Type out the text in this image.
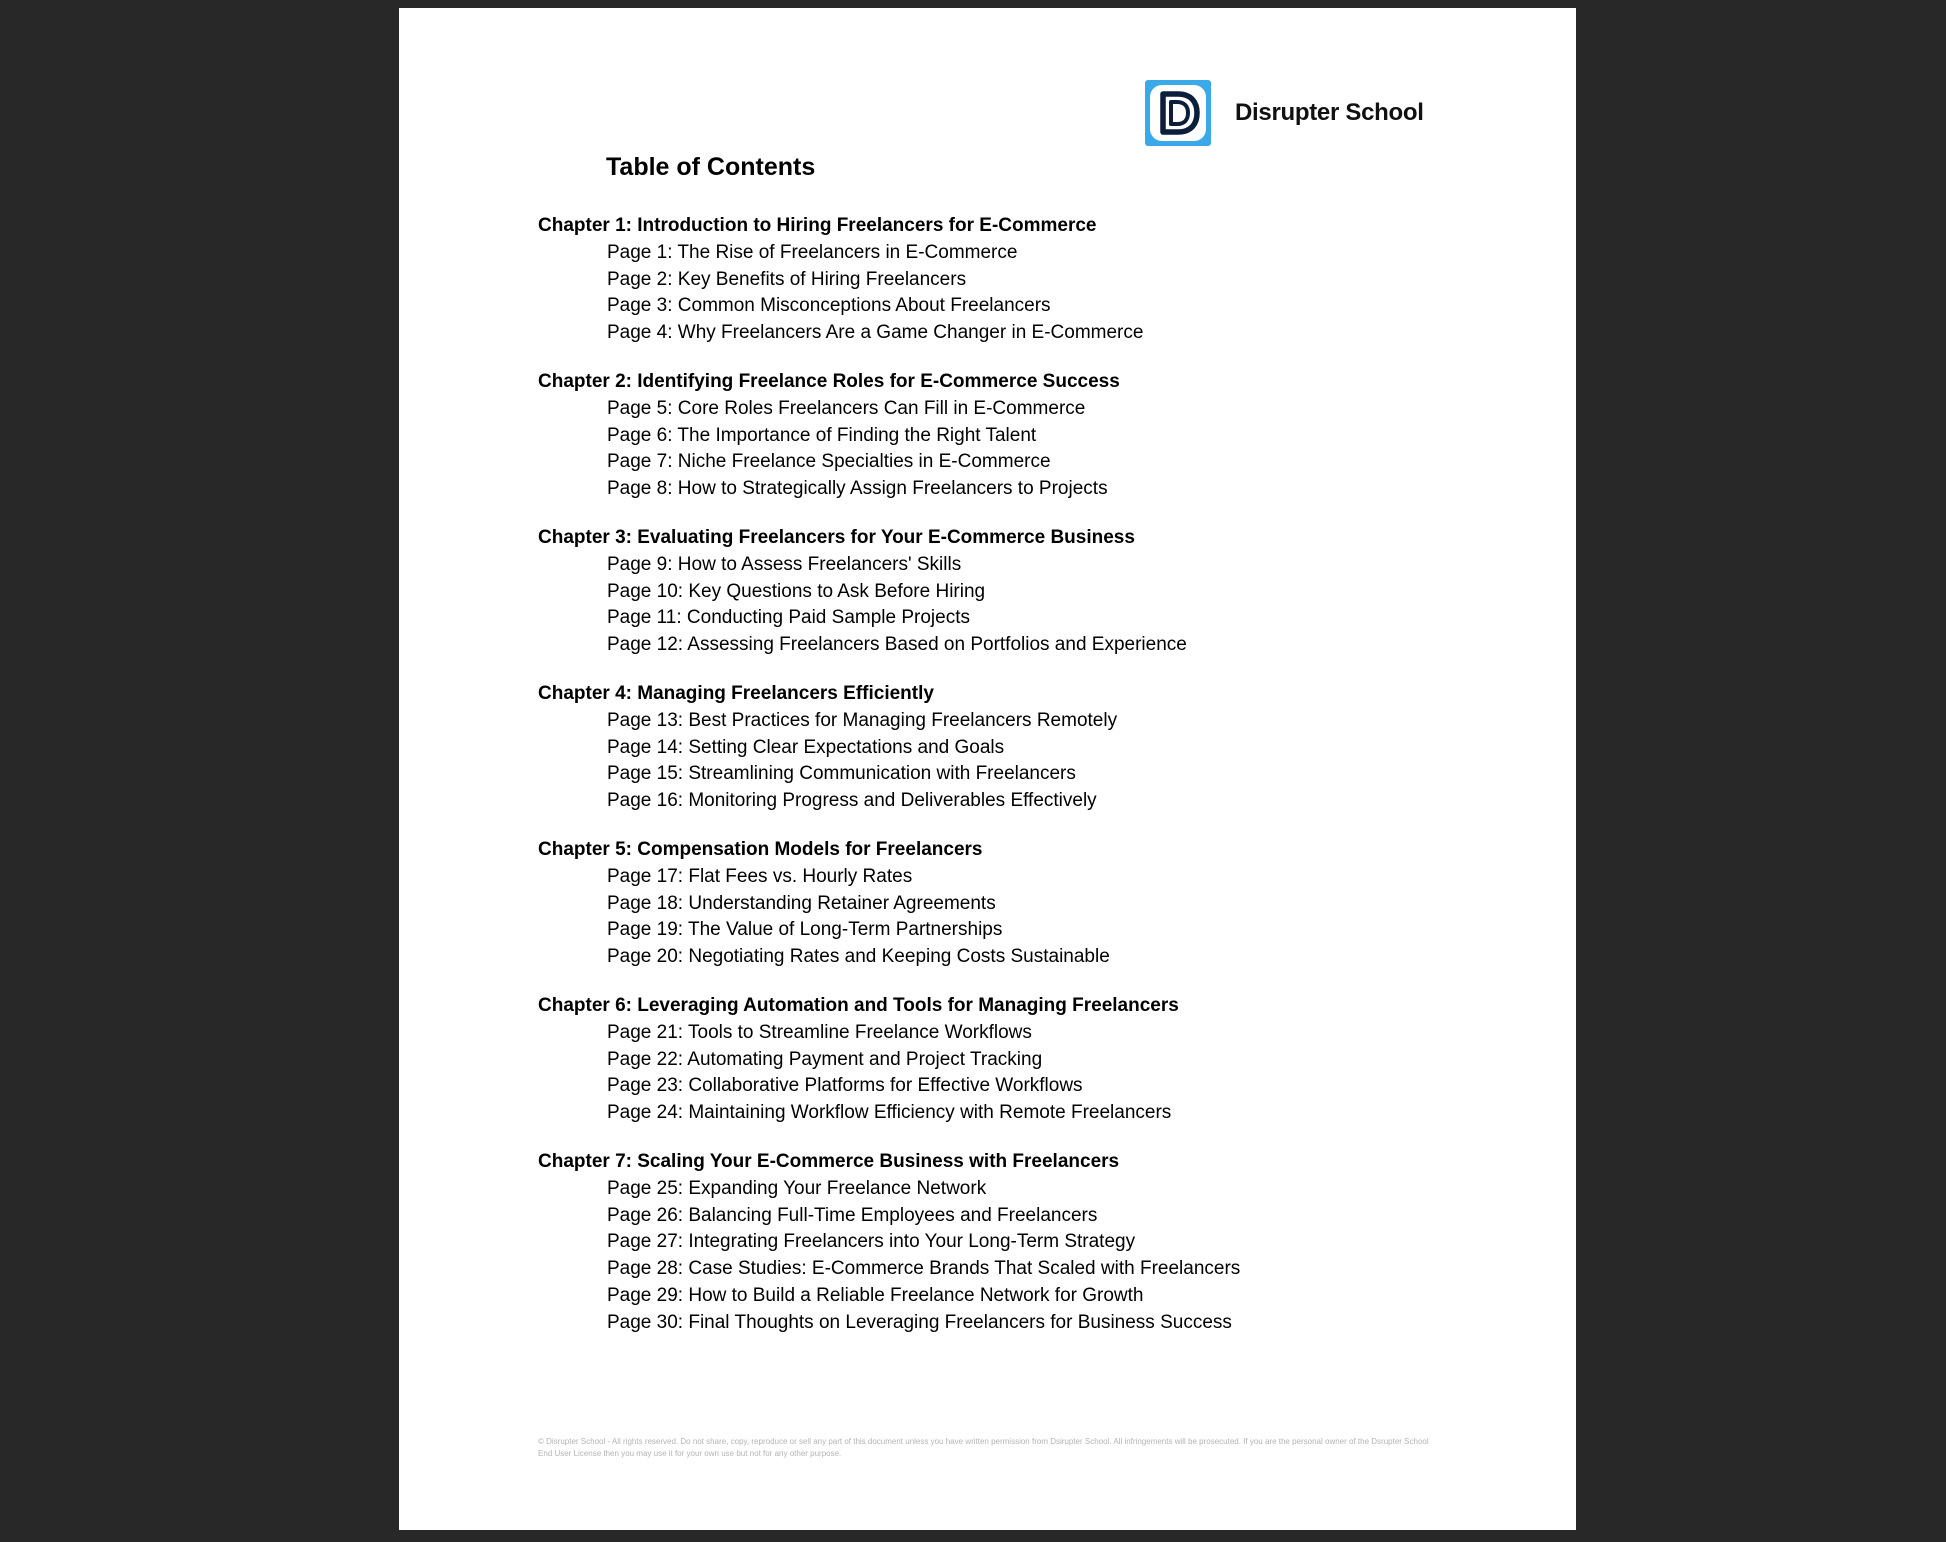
Disrupter School
Table of Contents
Chapter 1: Introduction to Hiring Freelancers for E-Commerce
Page 1: The Rise of Freelancers in E-Commerce
Page 2: Key Benefits of Hiring Freelancers
Page 3: Common Misconceptions About Freelancers
Page 4: Why Freelancers Are a Game Changer in E-Commerce
Chapter 2: Identifying Freelance Roles for E-Commerce Success
Page 5: Core Roles Freelancers Can Fill in E-Commerce
Page 6: The Importance of Finding the Right Talent
Page 7: Niche Freelance Specialties in E-Commerce
Page 8: How to Strategically Assign Freelancers to Projects
Chapter 3: Evaluating Freelancers for Your E-Commerce Business
Page 9: How to Assess Freelancers' Skills
Page 10: Key Questions to Ask Before Hiring
Page 11: Conducting Paid Sample Projects
Page 12: Assessing Freelancers Based on Portfolios and Experience
Chapter 4: Managing Freelancers Efficiently
Page 13: Best Practices for Managing Freelancers Remotely
Page 14: Setting Clear Expectations and Goals
Page 15: Streamlining Communication with Freelancers
Page 16: Monitoring Progress and Deliverables Effectively
Chapter 5: Compensation Models for Freelancers
Page 17: Flat Fees vs. Hourly Rates
Page 18: Understanding Retainer Agreements
Page 19: The Value of Long-Term Partnerships
Page 20: Negotiating Rates and Keeping Costs Sustainable
Chapter 6: Leveraging Automation and Tools for Managing Freelancers
Page 21: Tools to Streamline Freelance Workflows
Page 22: Automating Payment and Project Tracking
Page 23: Collaborative Platforms for Effective Workflows
Page 24: Maintaining Workflow Efficiency with Remote Freelancers
Chapter 7: Scaling Your E-Commerce Business with Freelancers
Page 25: Expanding Your Freelance Network
Page 26: Balancing Full-Time Employees and Freelancers
Page 27: Integrating Freelancers into Your Long-Term Strategy
Page 28: Case Studies: E-Commerce Brands That Scaled with Freelancers
Page 29: How to Build a Reliable Freelance Network for Growth
Page 30: Final Thoughts on Leveraging Freelancers for Business Success
© Disrupter School - All rights reserved. Do not share, copy, reproduce or sell any part of this document unless you have written permission from Dsirupter School. All infringements will be prosecuted. If you are the personal owner of the Dsrupter School End User License then you may use it for your own use but not for any other purpose.
